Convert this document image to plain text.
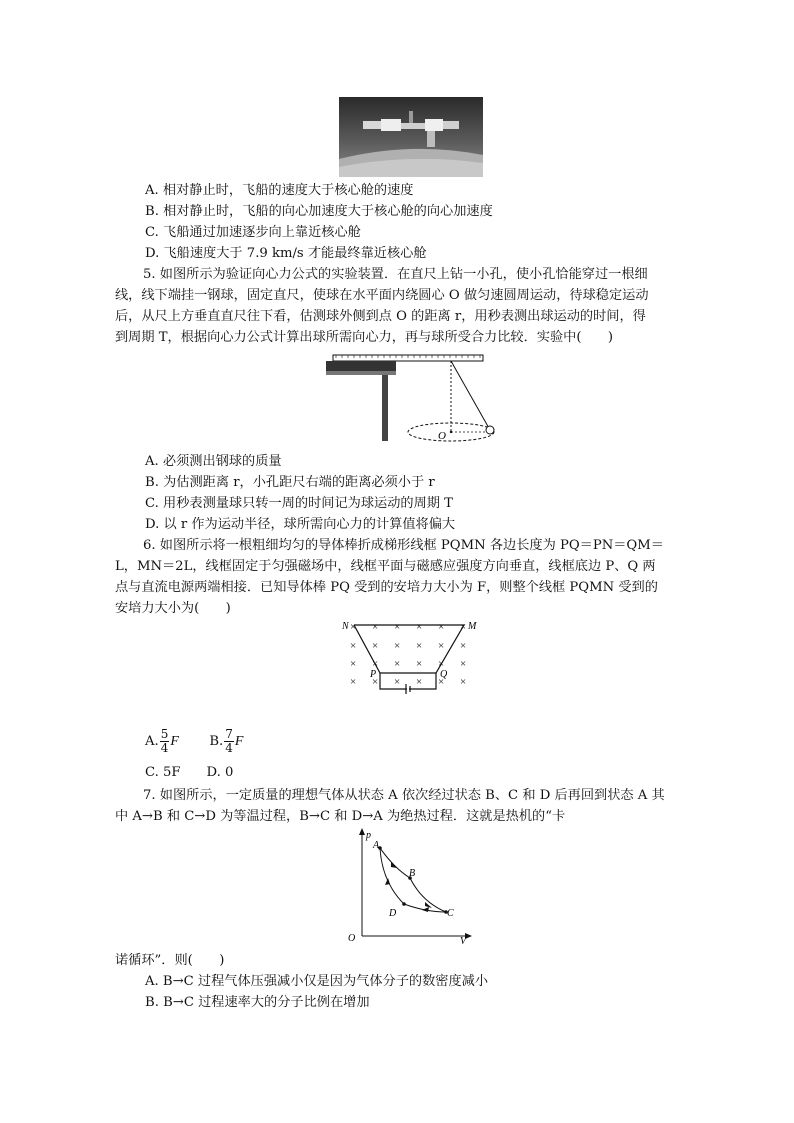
A. 相对静止时，飞船的速度大于核心舱的速度
B. 相对静止时，飞船的向心加速度大于核心舱的向心加速度
C. 飞船通过加速逐步向上靠近核心舱
D. 飞船速度大于 7.9 km/s 才能最终靠近核心舱
5. 如图所示为验证向心力公式的实验装置．在直尺上钻一小孔，使小孔恰能穿过一根细
线，线下端挂一钢球，固定直尺，使球在水平面内绕圆心 O 做匀速圆周运动，待球稳定运动
后，从尺上方垂直直尺往下看，估测球外侧到点 O 的距离 r，用秒表测出球运动的时间，得
到周期 T，根据向心力公式计算出球所需向心力，再与球所受合力比较．实验中(　　)
O
A. 必须测出钢球的质量
B. 为估测距离 r，小孔距尺右端的距离必须小于 r
C. 用秒表测量球只转一周的时间记为球运动的周期 T
D. 以 r 作为运动半径，球所需向心力的计算值将偏大
6. 如图所示将一根粗细均匀的导体棒折成梯形线框 PQMN 各边长度为 PQ＝PN＝QM＝
L，MN＝2L，线框固定于匀强磁场中，线框平面与磁感应强度方向垂直，线框底边 P、Q 两
点与直流电源两端相接．已知导体棒 PQ 受到的安培力大小为 F，则整个线框 PQMN 受到的
安培力大小为(　　)
× × × × × ×
× × × × × ×
× × × × × ×
× × × × × ×
N	M
P	Q
A. $\frac{5}{4}$ F B. $\frac{7}{4}$ F
C. 5F D. 0
7. 如图所示，一定质量的理想气体从状态 A 依次经过状态 B、C 和 D 后再回到状态 A 其
中 A→B 和 C→D 为等温过程，B→C 和 D→A 为绝热过程．这就是热机的“卡
p
V
O
A
B
C
D
诺循环”．则(　　)
A. B→C 过程气体压强减小仅是因为气体分子的数密度减小
B. B→C 过程速率大的分子比例在增加
